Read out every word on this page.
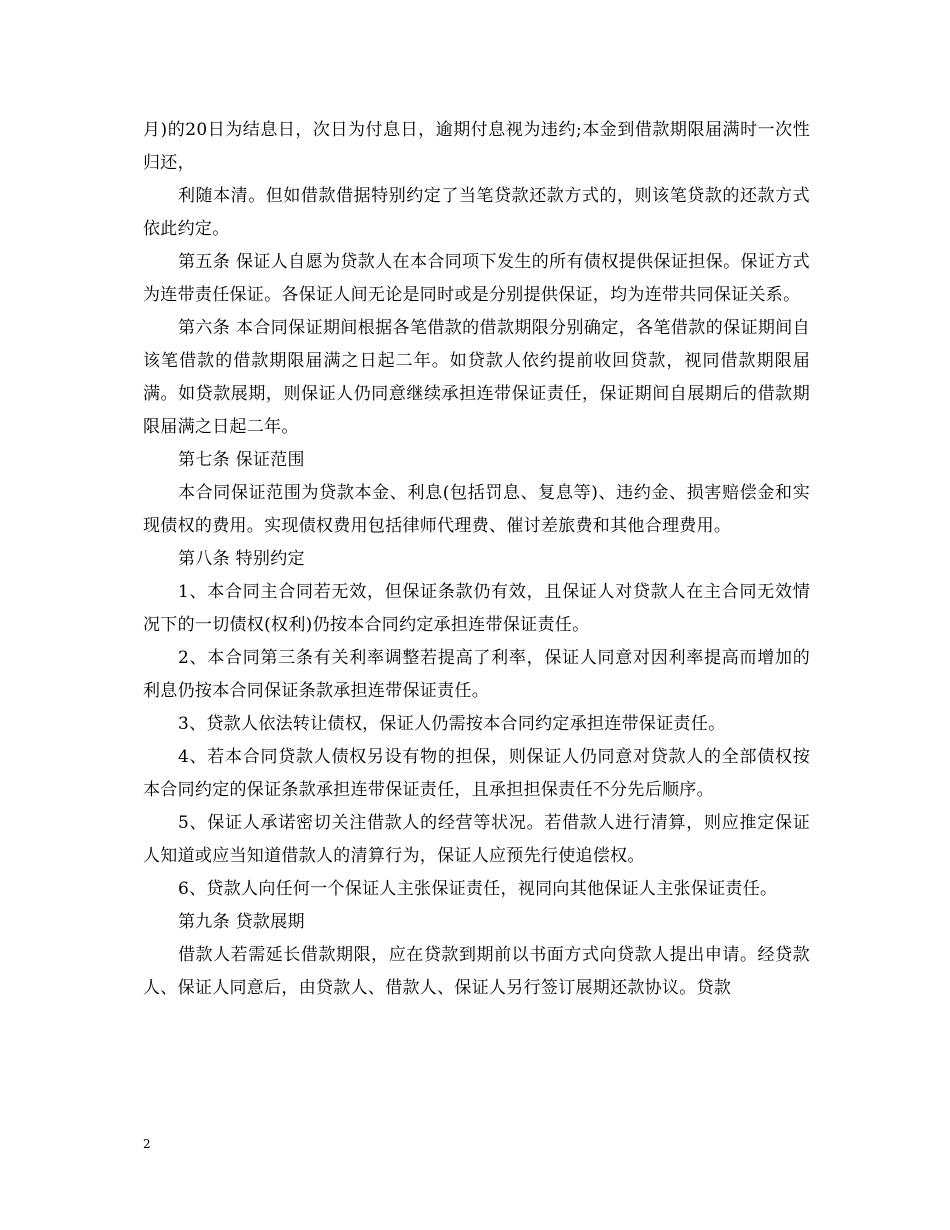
月)的20日为结息日，次日为付息日，逾期付息视为违约;本金到借款期限届满时一次性归还，

利随本清。但如借款借据特别约定了当笔贷款还款方式的，则该笔贷款的还款方式依此约定。

第五条 保证人自愿为贷款人在本合同项下发生的所有债权提供保证担保。保证方式为连带责任保证。各保证人间无论是同时或是分别提供保证，均为连带共同保证关系。

第六条 本合同保证期间根据各笔借款的借款期限分别确定，各笔借款的保证期间自该笔借款的借款期限届满之日起二年。如贷款人依约提前收回贷款，视同借款期限届满。如贷款展期，则保证人仍同意继续承担连带保证责任，保证期间自展期后的借款期限届满之日起二年。

第七条 保证范围

本合同保证范围为贷款本金、利息(包括罚息、复息等)、违约金、损害赔偿金和实现债权的费用。实现债权费用包括律师代理费、催讨差旅费和其他合理费用。

第八条 特别约定

1、本合同主合同若无效，但保证条款仍有效，且保证人对贷款人在主合同无效情况下的一切债权(权利)仍按本合同约定承担连带保证责任。

2、本合同第三条有关利率调整若提高了利率，保证人同意对因利率提高而增加的利息仍按本合同保证条款承担连带保证责任。

3、贷款人依法转让债权，保证人仍需按本合同约定承担连带保证责任。

4、若本合同贷款人债权另设有物的担保，则保证人仍同意对贷款人的全部债权按本合同约定的保证条款承担连带保证责任，且承担担保责任不分先后顺序。

5、保证人承诺密切关注借款人的经营等状况。若借款人进行清算，则应推定保证人知道或应当知道借款人的清算行为，保证人应预先行使追偿权。

6、贷款人向任何一个保证人主张保证责任，视同向其他保证人主张保证责任。

第九条 贷款展期

借款人若需延长借款期限，应在贷款到期前以书面方式向贷款人提出申请。经贷款人、保证人同意后，由贷款人、借款人、保证人另行签订展期还款协议。贷款

2
